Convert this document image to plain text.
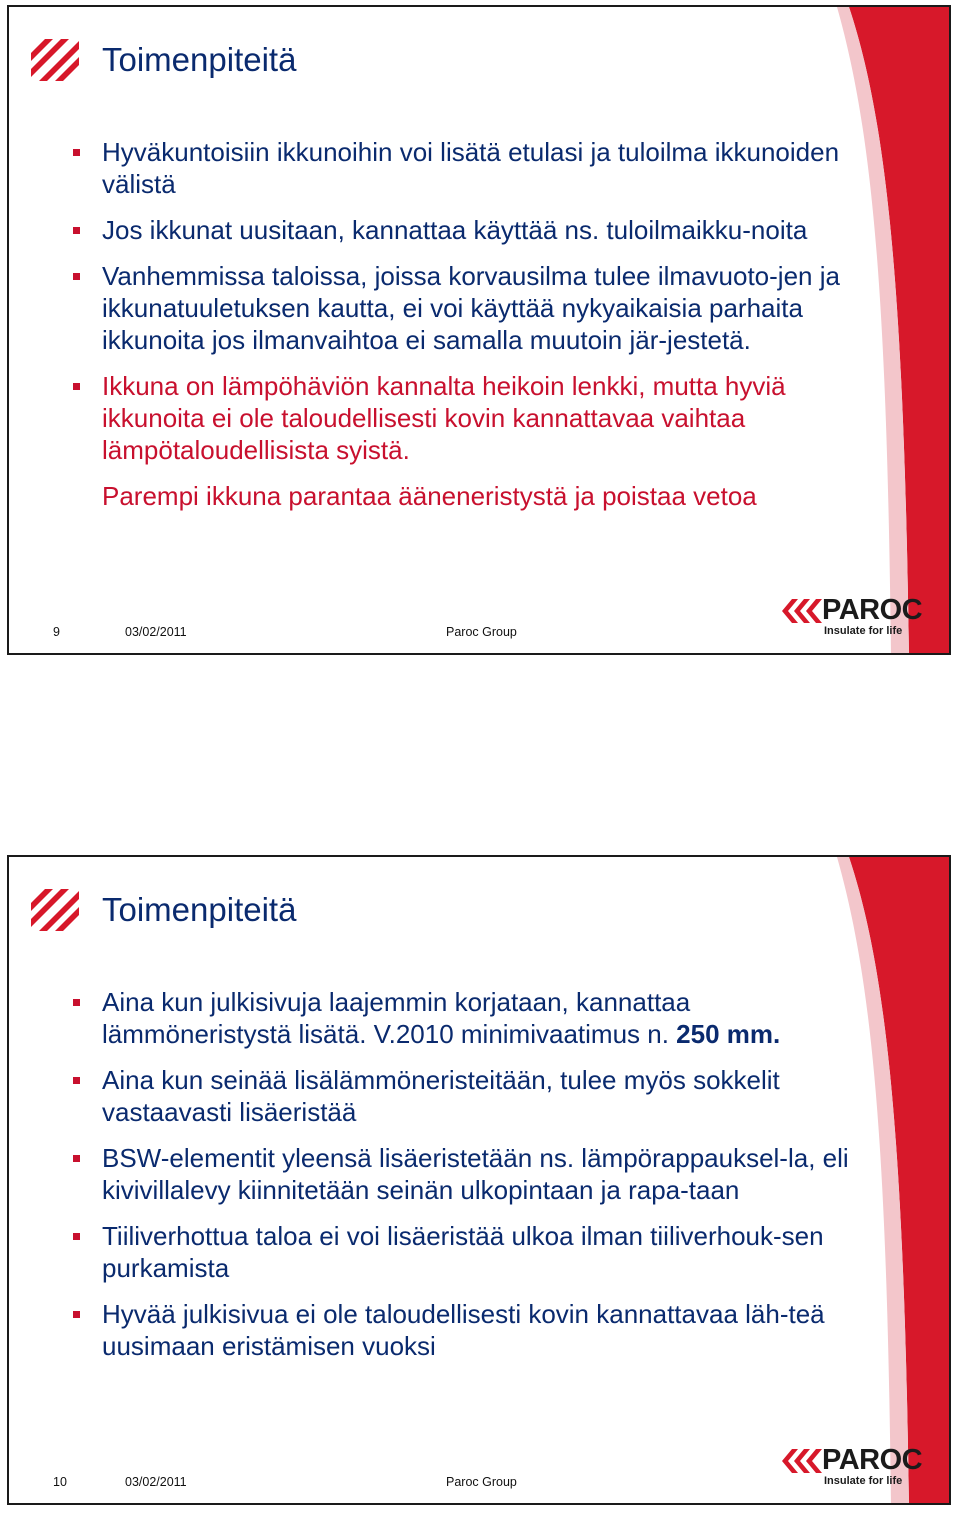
Toimenpiteitä
Hyväkuntoisiin ikkunoihin voi lisätä etulasi ja tuloilma ikkunoiden välistä
Jos ikkunat uusitaan, kannattaa käyttää ns. tuloilmaikku-noita
Vanhemmissa taloissa, joissa korvausilma tulee ilmavuoto-jen ja ikkunatuuletuksen kautta, ei voi käyttää nykyaikaisia parhaita ikkunoita jos ilmanvaihtoa ei samalla muutoin jär-jestetä.
Ikkuna on lämpöhäviön kannalta heikoin lenkki, mutta hyviä ikkunoita ei ole taloudellisesti kovin kannattavaa vaihtaa lämpötaloudellisista syistä.
Parempi ikkuna parantaa ääneneristystä ja poistaa vetoa
9	03/02/2011	Paroc Group
PAROC
Insulate for life
Toimenpiteitä
Aina kun julkisivuja laajemmin korjataan, kannattaa lämmöneristystä lisätä. V.2010 minimivaatimus n. 250 mm.
Aina kun seinää lisälämmöneristeitään, tulee myös sokkelit vastaavasti lisäeristää
BSW-elementit yleensä lisäeristetään ns. lämpörappauksel-la, eli kivivillalevy kiinnitetään seinän ulkopintaan ja rapa-taan
Tiiliverhottua taloa ei voi lisäeristää ulkoa ilman tiiliverhouk-sen purkamista
Hyvää julkisivua ei ole taloudellisesti kovin kannattavaa läh-teä uusimaan eristämisen vuoksi
10	03/02/2011	Paroc Group
PAROC
Insulate for life
